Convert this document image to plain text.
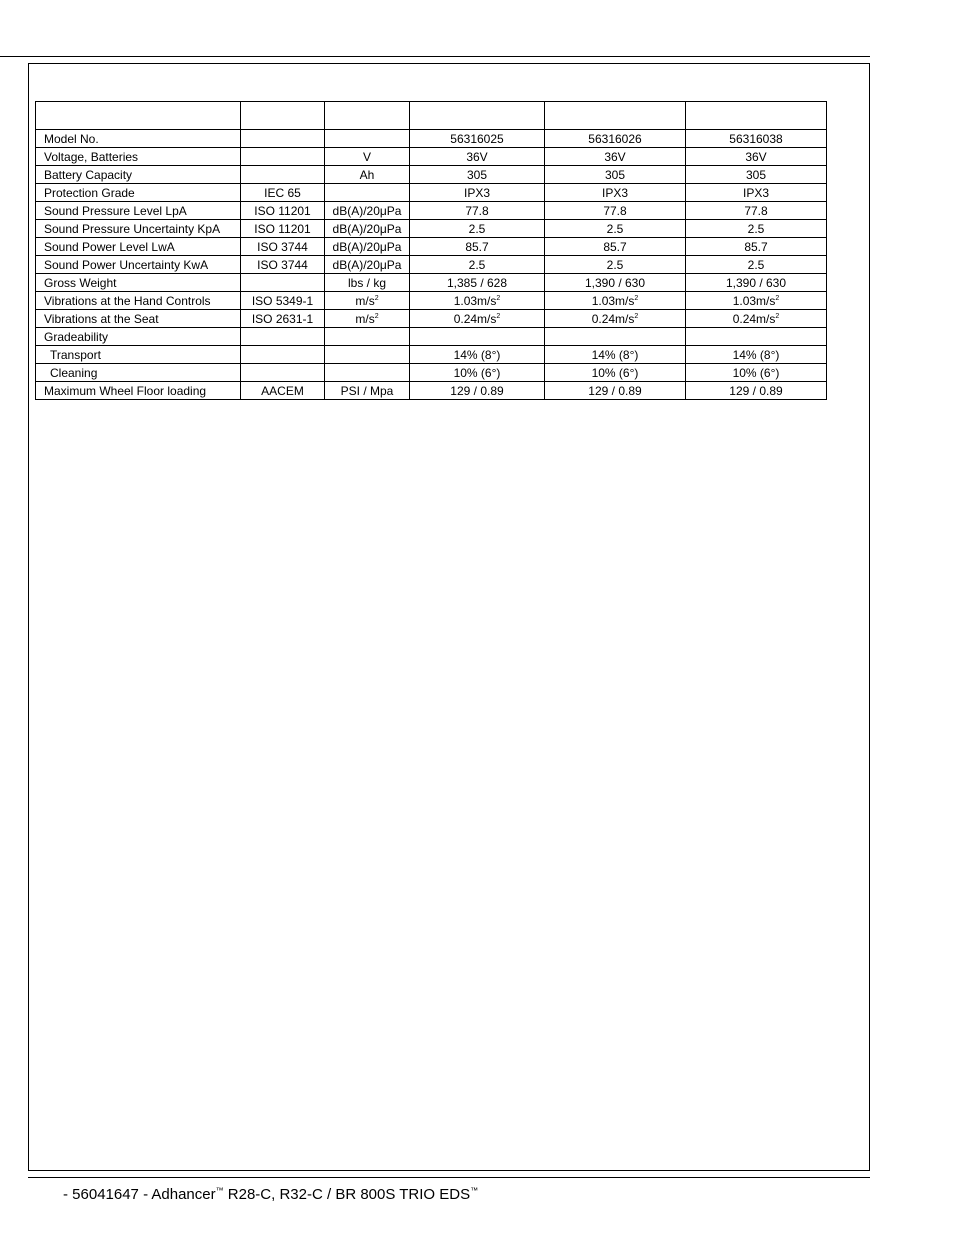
Model No.			56316025	56316026	56316038
Voltage, Batteries		V	36V	36V	36V
Battery Capacity		Ah	305	305	305
Protection Grade	IEC 65		IPX3	IPX3	IPX3
Sound Pressure Level LpA	ISO 11201	dB(A)/20μPa	77.8	77.8	77.8
Sound Pressure Uncertainty KpA	ISO 11201	dB(A)/20μPa	2.5	2.5	2.5
Sound Power Level LwA	ISO 3744	dB(A)/20μPa	85.7	85.7	85.7
Sound Power Uncertainty KwA	ISO 3744	dB(A)/20μPa	2.5	2.5	2.5
Gross Weight		lbs / kg	1,385 / 628	1,390 / 630	1,390 / 630
Vibrations at the Hand Controls	ISO 5349-1	$m/s^2$	$1.03m/s^2$	$1.03m/s^2$	$1.03m/s^2$
Vibrations at the Seat	ISO 2631-1	$m/s^2$	$0.24m/s^2$	$0.24m/s^2$	$0.24m/s^2$
Gradeability					
Transport			14% (8°)	14% (8°)	14% (8°)
Cleaning			10% (6°)	10% (6°)	10% (6°)
Maximum Wheel Floor loading	AACEM	PSI / Mpa	129 / 0.89	129 / 0.89	129 / 0.89
- 56041647 - Adhancer™ R28-C, R32-C / BR 800S TRIO EDS™
